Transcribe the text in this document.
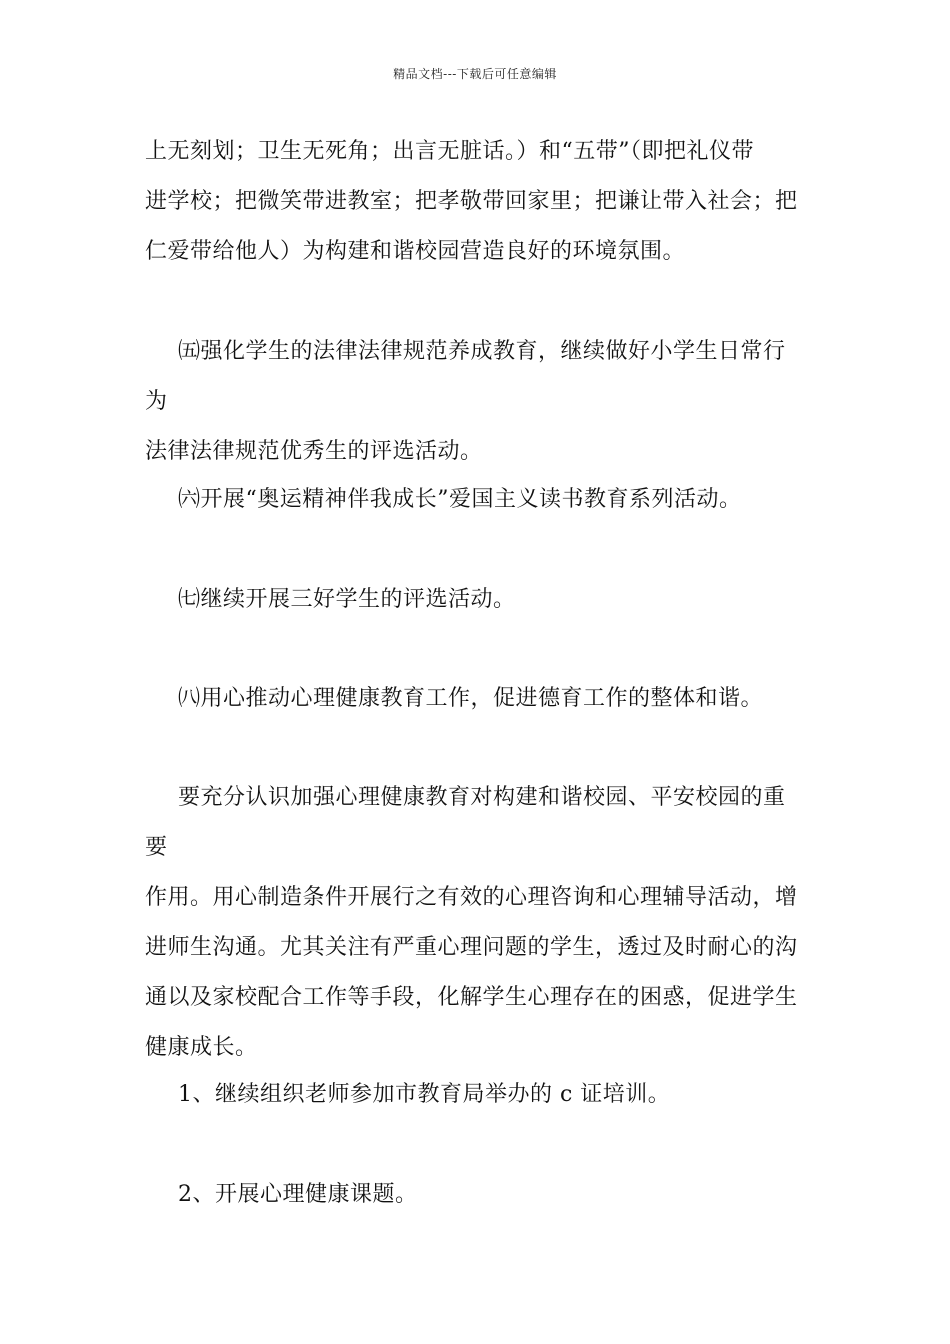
精品文档---下载后可任意编辑
上无刻划；卫生无死角；出言无脏话。）和“五带”（即把礼仪带
进学校；把微笑带进教室；把孝敬带回家里；把谦让带入社会；把
仁爱带给他人）为构建和谐校园营造良好的环境氛围。
㈤强化学生的法律法律规范养成教育，继续做好小学生日常行为
法律法律规范优秀生的评选活动。
㈥开展“奥运精神伴我成长”爱国主义读书教育系列活动。
㈦继续开展三好学生的评选活动。
㈧用心推动心理健康教育工作，促进德育工作的整体和谐。
要充分认识加强心理健康教育对构建和谐校园、平安校园的重要
作用。用心制造条件开展行之有效的心理咨询和心理辅导活动，增
进师生沟通。尤其关注有严重心理问题的学生，透过及时耐心的沟
通以及家校配合工作等手段，化解学生心理存在的困惑，促进学生
健康成长。
1、继续组织老师参加市教育局举办的 c 证培训。
2、开展心理健康课题。
